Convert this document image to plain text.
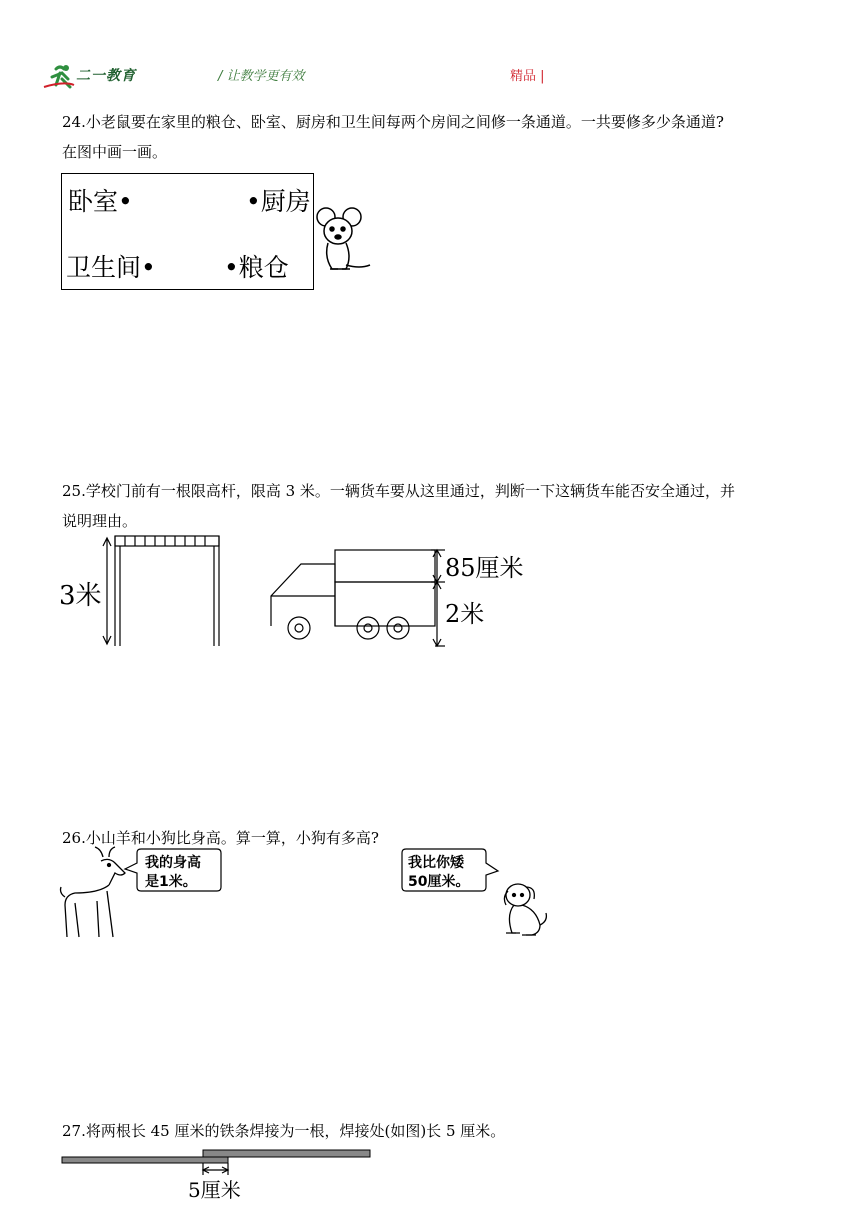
二一教育	/ 让教学更有效	精品 |
24.小老鼠要在家里的粮仓、卧室、厨房和卫生间每两个房间之间修一条通道。一共要修多少条通道?
在图中画一画。
卧室•	•厨房
卫生间•	•粮仓
25.学校门前有一根限高杆，限高 3 米。一辆货车要从这里通过，判断一下这辆货车能否安全通过，并
说明理由。
3米
85厘米
2米
26.小山羊和小狗比身高。算一算，小狗有多高?
我的身高
是1米。
我比你矮
50厘米。
27.将两根长 45 厘米的铁条焊接为一根，焊接处(如图)长 5 厘米。
5厘米
